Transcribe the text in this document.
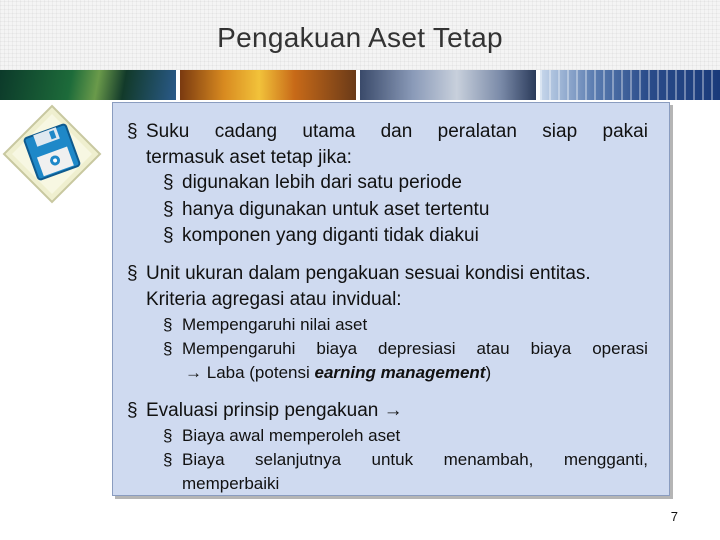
Pengakuan Aset Tetap
§ Suku cadang utama dan peralatan siap pakai
termasuk aset tetap jika:
§ digunakan lebih dari satu periode
§ hanya digunakan untuk aset tertentu
§ komponen yang diganti tidak diakui
§ Unit ukuran dalam pengakuan sesuai kondisi entitas.
Kriteria agregasi atau invidual:
§ Mempengaruhi nilai aset
§ Mempengaruhi biaya depresiasi atau biaya operasi
→ Laba (potensi earning management)
§ Evaluasi prinsip pengakuan →
§ Biaya awal memperoleh aset
§ Biaya selanjutnya untuk menambah, mengganti,
memperbaiki
7
